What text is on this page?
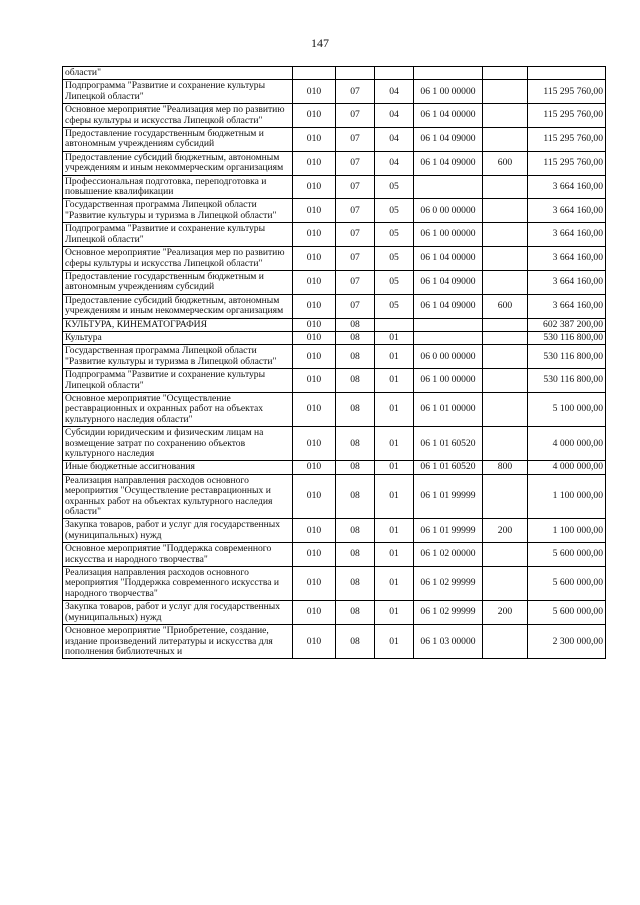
147
области"						
Подпрограмма "Развитие и сохранение культуры Липецкой области"	010	07	04	06 1 00 00000		115 295 760,00
Основное мероприятие "Реализация мер по развитию сферы культуры и искусства Липецкой области"	010	07	04	06 1 04 00000		115 295 760,00
Предоставление государственным бюджетным и автономным учреждениям субсидий	010	07	04	06 1 04 09000		115 295 760,00
Предоставление субсидий бюджетным, автономным учреждениям и иным некоммерческим организациям	010	07	04	06 1 04 09000	600	115 295 760,00
Профессиональная подготовка, переподготовка и повышение квалификации	010	07	05			3 664 160,00
Государственная программа Липецкой области "Развитие культуры и туризма в Липецкой области"	010	07	05	06 0 00 00000		3 664 160,00
Подпрограмма "Развитие и сохранение культуры Липецкой области"	010	07	05	06 1 00 00000		3 664 160,00
Основное мероприятие "Реализация мер по развитию сферы культуры и искусства Липецкой области"	010	07	05	06 1 04 00000		3 664 160,00
Предоставление государственным бюджетным и автономным учреждениям субсидий	010	07	05	06 1 04 09000		3 664 160,00
Предоставление субсидий бюджетным, автономным учреждениям и иным некоммерческим организациям	010	07	05	06 1 04 09000	600	3 664 160,00
КУЛЬТУРА, КИНЕМАТОГРАФИЯ	010	08				602 387 200,00
Культура	010	08	01			530 116 800,00
Государственная программа Липецкой области "Развитие культуры и туризма в Липецкой области"	010	08	01	06 0 00 00000		530 116 800,00
Подпрограмма "Развитие и сохранение культуры Липецкой области"	010	08	01	06 1 00 00000		530 116 800,00
Основное мероприятие "Осуществление реставрационных и охранных работ на объектах культурного наследия области"	010	08	01	06 1 01 00000		5 100 000,00
Субсидии юридическим и физическим лицам на возмещение затрат по сохранению объектов культурного наследия	010	08	01	06 1 01 60520		4 000 000,00
Иные бюджетные ассигнования	010	08	01	06 1 01 60520	800	4 000 000,00
Реализация направления расходов основного мероприятия "Осуществление реставрационных и охранных работ на объектах культурного наследия области"	010	08	01	06 1 01 99999		1 100 000,00
Закупка товаров, работ и услуг для государственных (муниципальных) нужд	010	08	01	06 1 01 99999	200	1 100 000,00
Основное мероприятие "Поддержка современного искусства и народного творчества"	010	08	01	06 1 02 00000		5 600 000,00
Реализация направления расходов основного мероприятия "Поддержка современного искусства и народного творчества"	010	08	01	06 1 02 99999		5 600 000,00
Закупка товаров, работ и услуг для государственных (муниципальных) нужд	010	08	01	06 1 02 99999	200	5 600 000,00
Основное мероприятие "Приобретение, создание, издание произведений литературы и искусства для пополнения библиотечных и	010	08	01	06 1 03 00000		2 300 000,00
